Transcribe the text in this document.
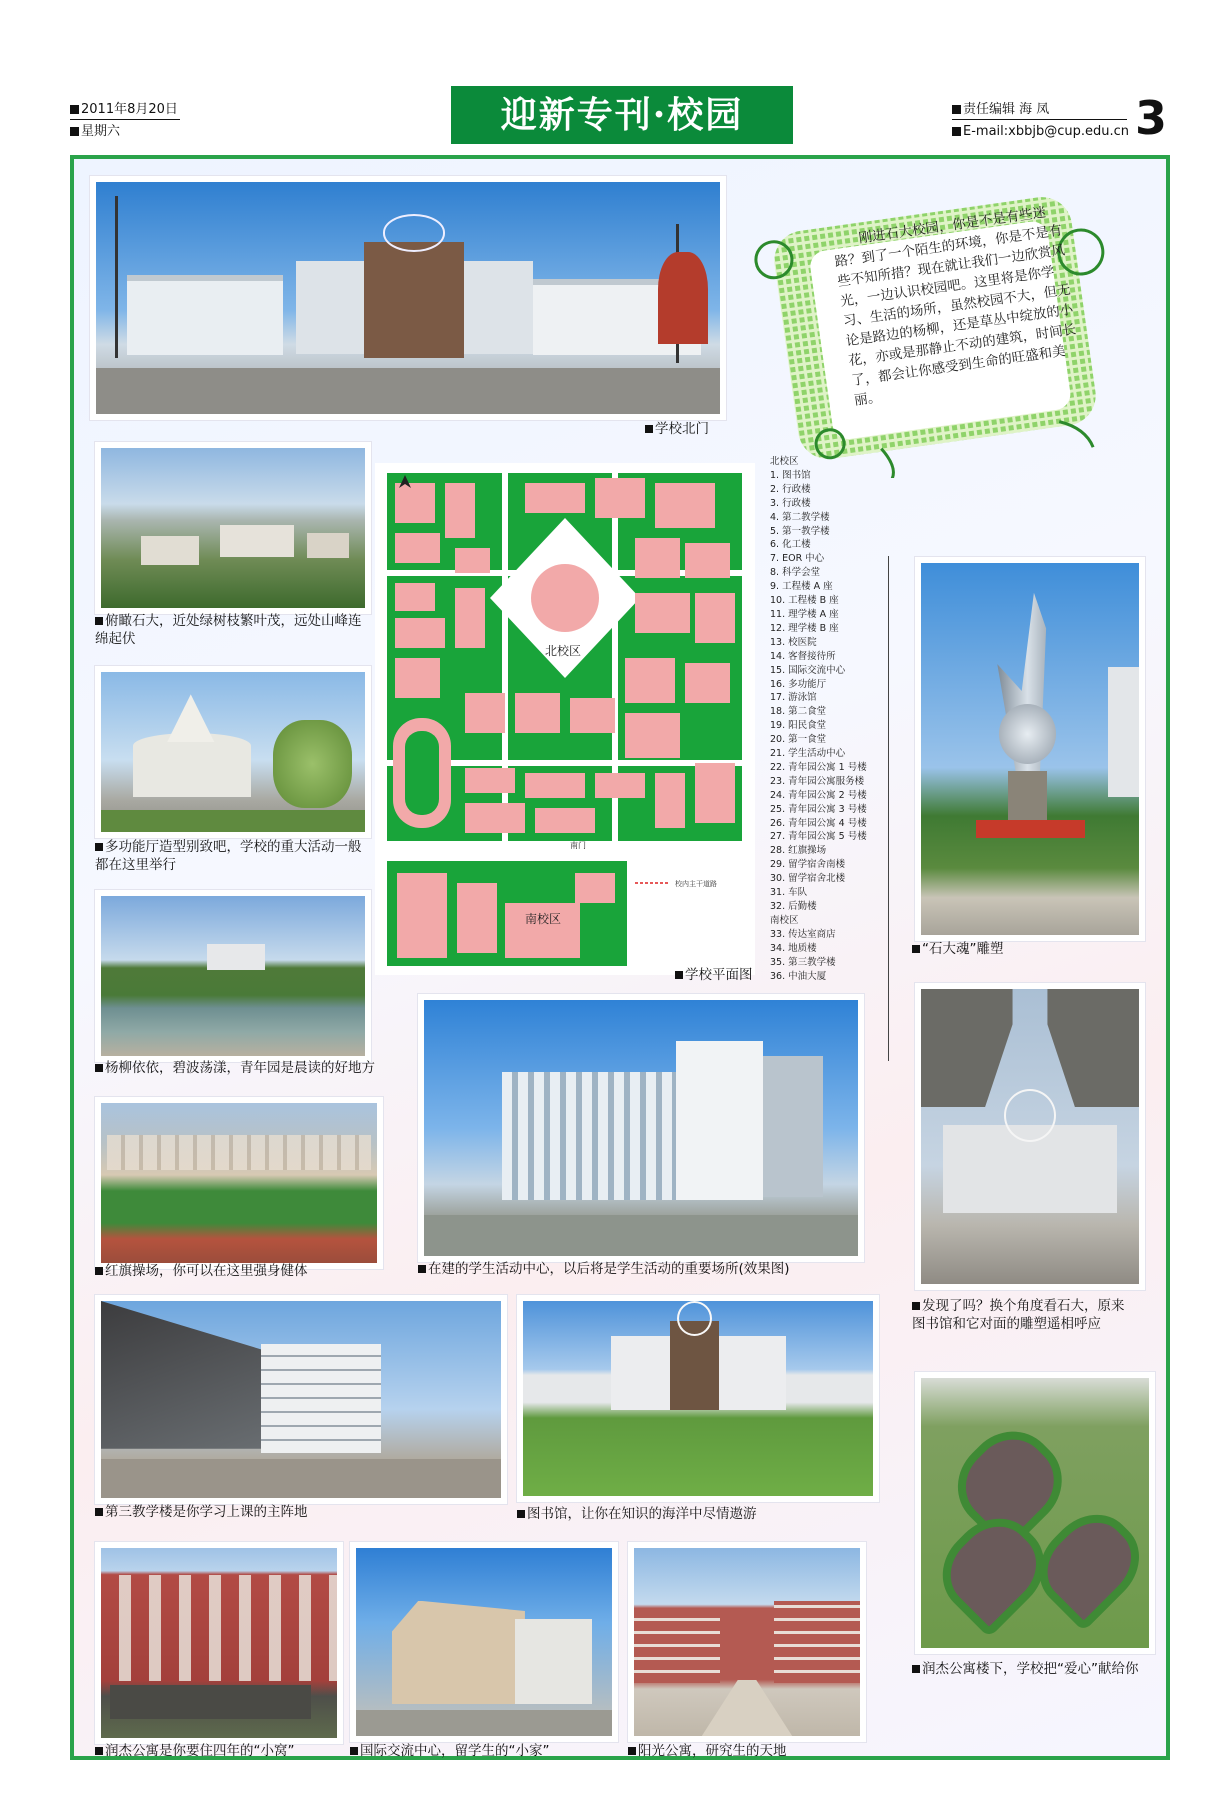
2011年8月20日
星期六	迎新专刊·校园	责任编辑 海 凤
E-mail:xbbjb@cup.edu.cn 3
学校北门
刚进石大校园，你是不是有些迷路？到了一个陌生的环境，你是不是有些不知所措？现在就让我们一边欣赏风光，一边认识校园吧。这里将是你学习、生活的场所，虽然校园不大，但无论是路边的杨柳，还是草丛中绽放的小花，亦或是那静止不动的建筑，时间长了，都会让你感受到生命的旺盛和美丽。
俯瞰石大，近处绿树枝繁叶茂，远处山峰连绵起伏
多功能厅造型别致吧，学校的重大活动一般都在这里举行
杨柳依依，碧波荡漾，青年园是晨读的好地方
红旗操场，你可以在这里强身健体
校内主干道路
北校区
南校区
南门
学校平面图
北校区
1. 图书馆
2. 行政楼
3. 行政楼
4. 第二教学楼
5. 第一教学楼
6. 化工楼
7. EOR 中心
8. 科学会堂
9. 工程楼 A 座
10. 工程楼 B 座
11. 理学楼 A 座
12. 理学楼 B 座
13. 校医院
14. 客督接待所
15. 国际交流中心
16. 多功能厅
17. 游泳馆
18. 第二食堂
19. 阳民食堂
20. 第一食堂
21. 学生活动中心
22. 青年园公寓 1 号楼
23. 青年园公寓服务楼
24. 青年园公寓 2 号楼
25. 青年园公寓 3 号楼
26. 青年园公寓 4 号楼
27. 青年园公寓 5 号楼
28. 红旗操场
29. 留学宿舍南楼
30. 留学宿舍北楼
31. 车队
32. 后勤楼
南校区
33. 传达室商店
34. 地质楼
35. 第三教学楼
36. 中油大厦
“石大魂”雕塑
发现了吗？换个角度看石大，原来图书馆和它对面的雕塑遥相呼应
在建的学生活动中心，以后将是学生活动的重要场所(效果图)
第三教学楼是你学习上课的主阵地	图书馆，让你在知识的海洋中尽情遨游
润杰公寓楼下，学校把“爱心”献给你
润杰公寓是你要住四年的“小窝”	国际交流中心，留学生的“小家”	阳光公寓，研究生的天地
